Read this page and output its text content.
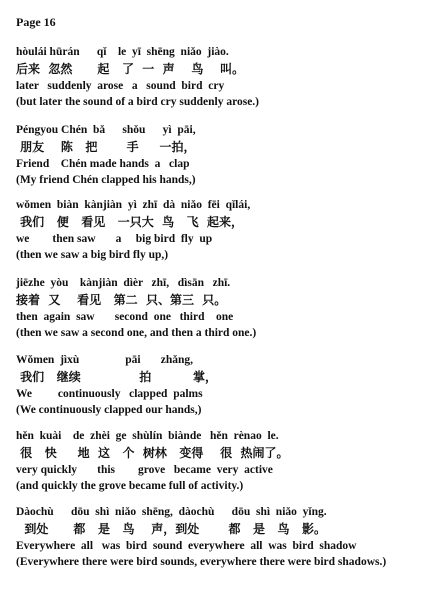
Page 16
hòulái hūrán      qǐ    le  yī  shēng  niǎo  jiào.
后来  忽然      起   了  一  声    鸟    叫。
later   suddenly  arose   a   sound  bird  cry
(but later the sound of a bird cry suddenly arose.)
Péngyou Chén  bǎ      shǒu      yì  pāi,
朋友    陈   把       手     一拍，
Friend    Chén made hands  a   clap
(My friend Chén clapped his hands,)
wǒmen  biàn  kànjiàn  yì  zhī  dà  niǎo  fēi  qǐlái,
我们   便   看见   一只大  鸟   飞  起来，
we        then saw       a     big bird  fly  up
(then we saw a big bird fly up,)
jiēzhe  yòu    kànjiàn  dìèr   zhī,   dìsān   zhī.
接着  又    看见   第二  只、第三  只。
then  again  saw       second  one   third    one
(then we saw a second one, and then a third one.)
Wǒmen  jìxù                pāi       zhǎng,
我们   继续              拍          掌，
We         continuously   clapped  palms
(We continuously clapped our hands,)
hěn  kuài    de  zhèi  ge  shùlín  biànde   hěn  rènao  le.
很   快     地  这   个  树林   变得    很  热闹了。
very quickly       this        grove   became  very  active
(and quickly the grove became full of activity.)
Dàochù      dōu  shì  niǎo  shēng,  dàochù      dōu  shì  niǎo  yǐng.
到处      都   是   鸟    声，到处       都   是   鸟   影。
Everywhere  all   was  bird  sound  everywhere  all  was  bird  shadow
(Everywhere there were bird sounds, everywhere there were bird shadows.)
